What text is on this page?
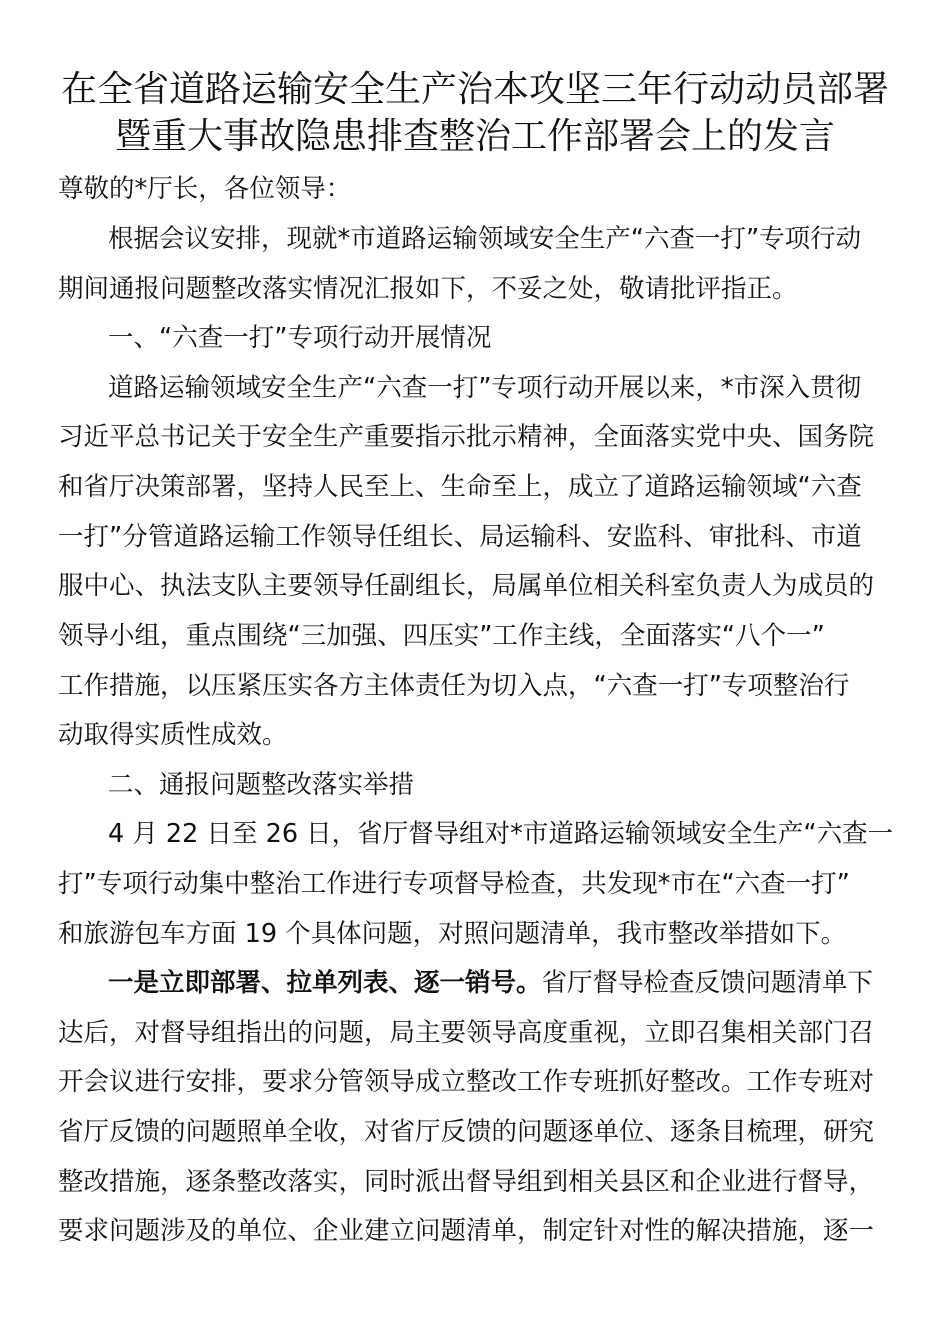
在全省道路运输安全生产治本攻坚三年行动动员部署
暨重大事故隐患排查整治工作部署会上的发言
尊敬的*厅长，各位领导：
根据会议安排，现就*市道路运输领域安全生产“六查一打”专项行动
期间通报问题整改落实情况汇报如下，不妥之处，敬请批评指正。
一、“六查一打”专项行动开展情况
道路运输领域安全生产“六查一打”专项行动开展以来，*市深入贯彻
习近平总书记关于安全生产重要指示批示精神，全面落实党中央、国务院
和省厅决策部署，坚持人民至上、生命至上，成立了道路运输领域“六查
一打”分管道路运输工作领导任组长、局运输科、安监科、审批科、市道
服中心、执法支队主要领导任副组长，局属单位相关科室负责人为成员的
领导小组，重点围绕“三加强、四压实”工作主线，全面落实“八个一”
工作措施，以压紧压实各方主体责任为切入点，“六查一打”专项整治行
动取得实质性成效。
二、通报问题整改落实举措
4 月 22 日至 26 日，省厅督导组对*市道路运输领域安全生产“六查一
打”专项行动集中整治工作进行专项督导检查，共发现*市在“六查一打”
和旅游包车方面 19 个具体问题，对照问题清单，我市整改举措如下。
一是立即部署、拉单列表、逐一销号。省厅督导检查反馈问题清单下
达后，对督导组指出的问题，局主要领导高度重视，立即召集相关部门召
开会议进行安排，要求分管领导成立整改工作专班抓好整改。工作专班对
省厅反馈的问题照单全收，对省厅反馈的问题逐单位、逐条目梳理，研究
整改措施，逐条整改落实，同时派出督导组到相关县区和企业进行督导，
要求问题涉及的单位、企业建立问题清单，制定针对性的解决措施，逐一
